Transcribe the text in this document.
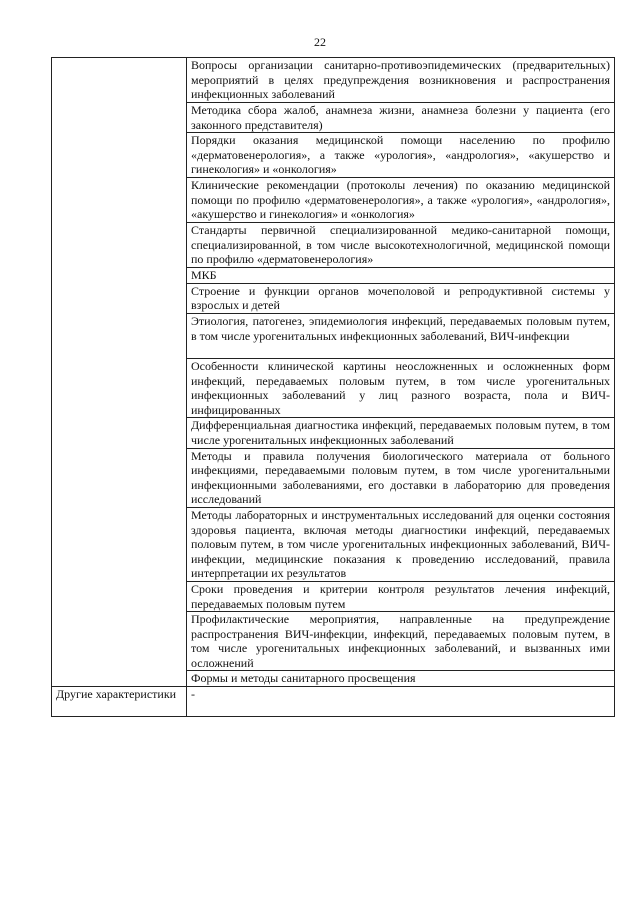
22
	Вопросы организации санитарно-противоэпидемических (предварительных) мероприятий в целях предупреждения возникновения и распространения инфекционных заболеваний
	Методика сбора жалоб, анамнеза жизни, анамнеза болезни у пациента (его законного представителя)
	Порядки оказания медицинской помощи населению по профилю «дерматовенерология», а также «урология», «андрология», «акушерство и гинекология» и «онкология»
	Клинические рекомендации (протоколы лечения) по оказанию медицинской помощи по профилю «дерматовенерология», а также «урология», «андрология», «акушерство и гинекология» и «онкология»
	Стандарты первичной специализированной медико-санитарной помощи, специализированной, в том числе высокотехнологичной, медицинской помощи по профилю «дерматовенерология»
	МКБ
	Строение и функции органов мочеполовой и репродуктивной системы у взрослых и детей
	Этиология, патогенез, эпидемиология инфекций, передаваемых половым путем, в том числе урогенитальных инфекционных заболеваний, ВИЧ-инфекции
	Особенности клинической картины неосложненных и осложненных форм инфекций, передаваемых половым путем, в том числе урогенитальных инфекционных заболеваний у лиц разного возраста, пола и ВИЧ-инфицированных
	Дифференциальная диагностика инфекций, передаваемых половым путем, в том числе урогенитальных инфекционных заболеваний
	Методы и правила получения биологического материала от больного инфекциями, передаваемыми половым путем, в том числе урогенитальными инфекционными заболеваниями, его доставки в лабораторию для проведения исследований
	Методы лабораторных и инструментальных исследований для оценки состояния здоровья пациента, включая методы диагностики инфекций, передаваемых половым путем, в том числе урогенитальных инфекционных заболеваний, ВИЧ-инфекции, медицинские показания к проведению исследований, правила интерпретации их результатов
	Сроки проведения и критерии контроля результатов лечения инфекций, передаваемых половым путем
	Профилактические мероприятия, направленные на предупреждение распространения ВИЧ-инфекции, инфекций, передаваемых половым путем, в том числе урогенитальных инфекционных заболеваний, и вызванных ими осложнений
	Формы и методы санитарного просвещения
Другие характеристики	-
